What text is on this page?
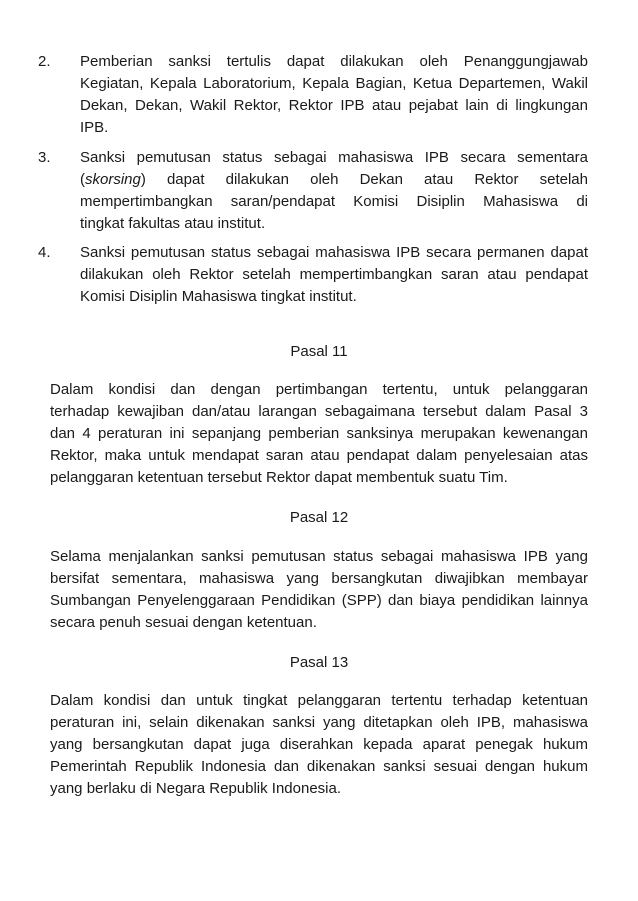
2. Pemberian sanksi tertulis dapat dilakukan oleh Penanggungjawab
Kegiatan, Kepala Laboratorium, Kepala Bagian, Ketua Departemen, Wakil
Dekan, Dekan, Wakil Rektor, Rektor IPB atau pejabat lain di lingkungan
IPB.
3. Sanksi pemutusan status sebagai mahasiswa IPB secara sementara
(skorsing) dapat dilakukan oleh Dekan atau Rektor setelah
mempertimbangkan saran/pendapat Komisi Disiplin Mahasiswa di
tingkat fakultas atau institut.
4. Sanksi pemutusan status sebagai mahasiswa IPB secara permanen dapat
dilakukan oleh Rektor setelah mempertimbangkan saran atau pendapat
Komisi Disiplin Mahasiswa tingkat institut.
Pasal 11
Dalam kondisi dan dengan pertimbangan tertentu, untuk pelanggaran
terhadap kewajiban dan/atau larangan sebagaimana tersebut dalam Pasal 3
dan 4 peraturan ini sepanjang pemberian sanksinya merupakan kewenangan
Rektor, maka untuk mendapat saran atau pendapat dalam penyelesaian atas
pelanggaran ketentuan tersebut Rektor dapat membentuk suatu Tim.
Pasal 12
Selama menjalankan sanksi pemutusan status sebagai mahasiswa IPB yang
bersifat sementara, mahasiswa yang bersangkutan diwajibkan membayar
Sumbangan Penyelenggaraan Pendidikan (SPP) dan biaya pendidikan lainnya
secara penuh sesuai dengan ketentuan.
Pasal 13
Dalam kondisi dan untuk tingkat pelanggaran tertentu terhadap ketentuan
peraturan ini, selain dikenakan sanksi yang ditetapkan oleh IPB, mahasiswa
yang bersangkutan dapat juga diserahkan kepada aparat penegak hukum
Pemerintah Republik Indonesia dan dikenakan sanksi sesuai dengan hukum
yang berlaku di Negara Republik Indonesia.
